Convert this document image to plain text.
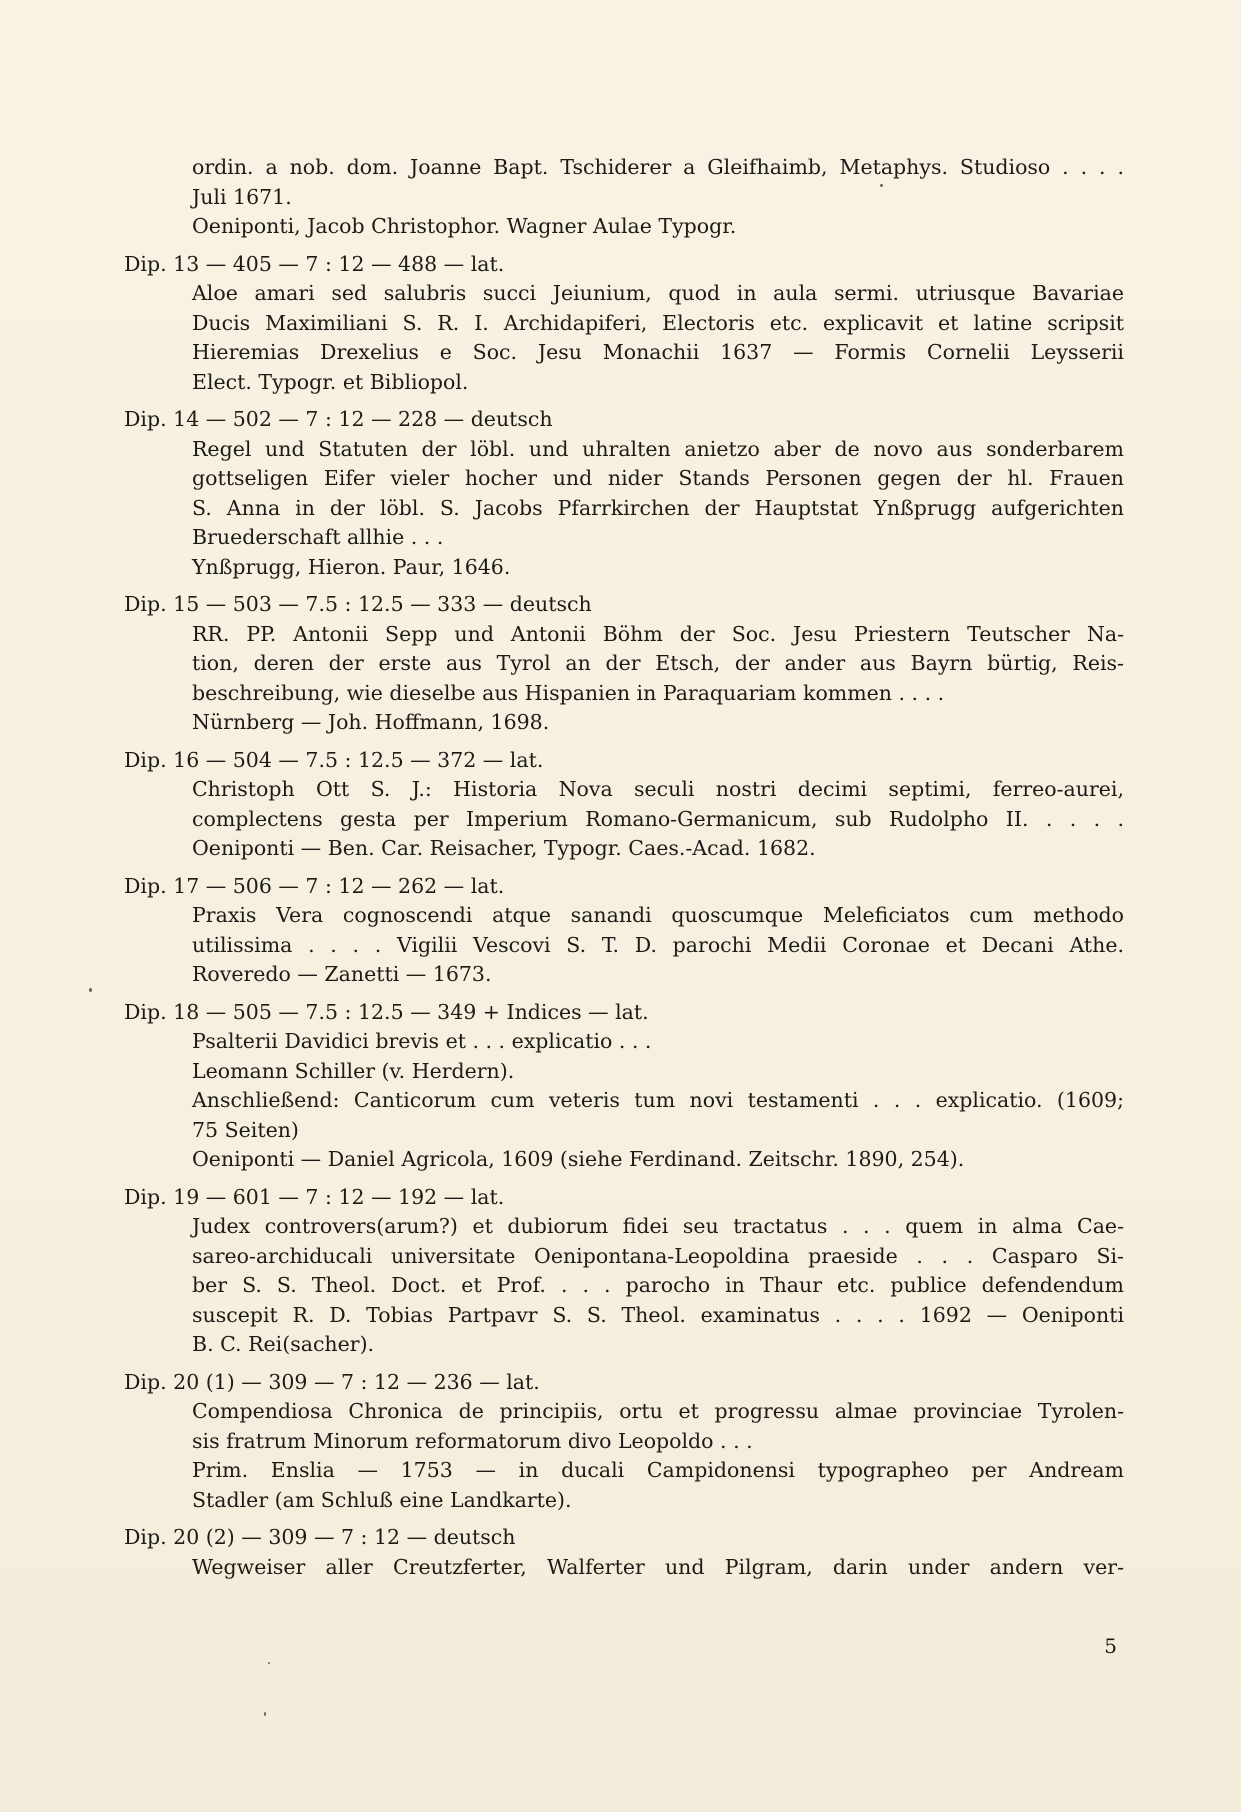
ordin. a nob. dom. Joanne Bapt. Tschiderer a Gleifhaimb, Metaphys. Studioso . . . .
Juli 1671.
Oeniponti, Jacob Christophor. Wagner Aulae Typogr.
Dip. 13 — 405 — 7 : 12 — 488 — lat.
Aloe amari sed salubris succi Jeiunium, quod in aula sermi. utriusque Bavariae
Ducis Maximiliani S. R. I. Archidapiferi, Electoris etc. explicavit et latine scripsit
Hieremias Drexelius e Soc. Jesu Monachii 1637 — Formis Cornelii Leysserii
Elect. Typogr. et Bibliopol.
Dip. 14 — 502 — 7 : 12 — 228 — deutsch
Regel und Statuten der löbl. und uhralten anietzo aber de novo aus sonderbarem
gottseligen Eifer vieler hocher und nider Stands Personen gegen der hl. Frauen
S. Anna in der löbl. S. Jacobs Pfarrkirchen der Hauptstat Ynßprugg aufgerichten
Bruederschaft allhie . . .
Ynßprugg, Hieron. Paur, 1646.
Dip. 15 — 503 — 7.5 : 12.5 — 333 — deutsch
RR. PP. Antonii Sepp und Antonii Böhm der Soc. Jesu Priestern Teutscher Na-
tion, deren der erste aus Tyrol an der Etsch, der ander aus Bayrn bürtig, Reis-
beschreibung, wie dieselbe aus Hispanien in Paraquariam kommen . . . .
Nürnberg — Joh. Hoffmann, 1698.
Dip. 16 — 504 — 7.5 : 12.5 — 372 — lat.
Christoph Ott S. J.: Historia Nova seculi nostri decimi septimi, ferreo-aurei,
complectens gesta per Imperium Romano-Germanicum, sub Rudolpho II. . . . .
Oeniponti — Ben. Car. Reisacher, Typogr. Caes.-Acad. 1682.
Dip. 17 — 506 — 7 : 12 — 262 — lat.
Praxis Vera cognoscendi atque sanandi quoscumque Meleficiatos cum methodo
utilissima . . . . Vigilii Vescovi S. T. D. parochi Medii Coronae et Decani Athe.
Roveredo — Zanetti — 1673.
Dip. 18 — 505 — 7.5 : 12.5 — 349 + Indices — lat.
Psalterii Davidici brevis et . . . explicatio . . .
Leomann Schiller (v. Herdern).
Anschließend: Canticorum cum veteris tum novi testamenti . . . explicatio. (1609;
75 Seiten)
Oeniponti — Daniel Agricola, 1609 (siehe Ferdinand. Zeitschr. 1890, 254).
Dip. 19 — 601 — 7 : 12 — 192 — lat.
Judex controvers(arum?) et dubiorum fidei seu tractatus . . . quem in alma Cae-
sareo-archiducali universitate Oenipontana-Leopoldina praeside . . . Casparo Si-
ber S. S. Theol. Doct. et Prof. . . . parocho in Thaur etc. publice defendendum
suscepit R. D. Tobias Partpavr S. S. Theol. examinatus . . . . 1692 — Oeniponti
B. C. Rei(sacher).
Dip. 20 (1) — 309 — 7 : 12 — 236 — lat.
Compendiosa Chronica de principiis, ortu et progressu almae provinciae Tyrolen-
sis fratrum Minorum reformatorum divo Leopoldo . . .
Prim. Enslia — 1753 — in ducali Campidonensi typographeo per Andream
Stadler (am Schluß eine Landkarte).
Dip. 20 (2) — 309 — 7 : 12 — deutsch
Wegweiser aller Creutzferter, Walferter und Pilgram, darin under andern ver-
5
